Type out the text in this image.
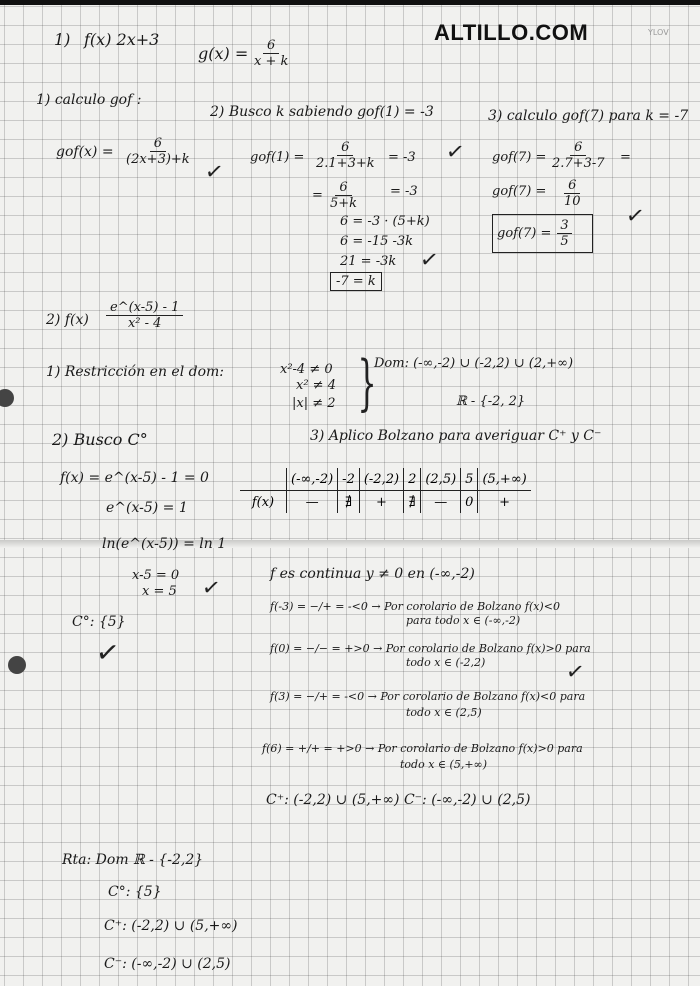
ALTILLO.COM	YLOV
1) f(x) 2x+3
$g(x) = \frac{6}{x + k}$
1) calculo gof :
$gof(x) = \frac{6}{(2x+3)+k}$
✓
2) Busco k sabiendo gof(1) = -3
$gof(1) = \frac{6}{2.1+3+k} = -3$ ✓
= $\frac{6}{5+k} = -3$
6 = -3 · (5+k)
6 = -15 -3k
21 = -3k
-7 = k
✓
3) calculo gof(7) para k = -7
$gof(7) = \frac{6}{2.7+3-7}$ =
$gof(7) = \frac{6}{10}$
$gof(7) = \frac{3}{5}$
✓
2) $f(x) \frac{e\^{}(x-5) - 1}{\text{x² - 4}}$
1) Restricción en el dom:	x²-4 ≠ 0
x² ≠ 4
|x| ≠ 2 }
Dom: (-∞,-2) ∪ (-2,2) ∪ (2,+∞)
ℝ - {-2, 2}
2) Busco C°
f(x) = e^(x-5) - 1 = 0
e^(x-5) = 1
ln(e^(x-5)) = ln 1
x-5 = 0
x = 5 ✓
C°: {5}
✓
3) Aplico Bolzano para averiguar C⁺ y C⁻
	(-∞,-2)	-2	(-2,2)	2	(2,5)	5	(5,+∞)
f(x)	—	∄	+	∄	—	0	+
f es continua y ≠ 0 en (-∞,-2)
f(-3) = −/+ = -<0 → Por corolario de Bolzano f(x)<0
para todo x ∈ (-∞,-2)
f(0) = −/− = +>0 → Por corolario de Bolzano f(x)>0 para
todo x ∈ (-2,2)	✓
f(3) = −/+ = -<0 → Por corolario de Bolzano f(x)<0 para
todo x ∈ (2,5)
f(6) = +/+ = +>0 → Por corolario de Bolzano f(x)>0 para
todo x ∈ (5,+∞)
C⁺: (-2,2) ∪ (5,+∞) C⁻: (-∞,-2) ∪ (2,5)
Rta: Dom ℝ - {-2,2}
C°: {5}
C⁺: (-2,2) ∪ (5,+∞)
C⁻: (-∞,-2) ∪ (2,5)
